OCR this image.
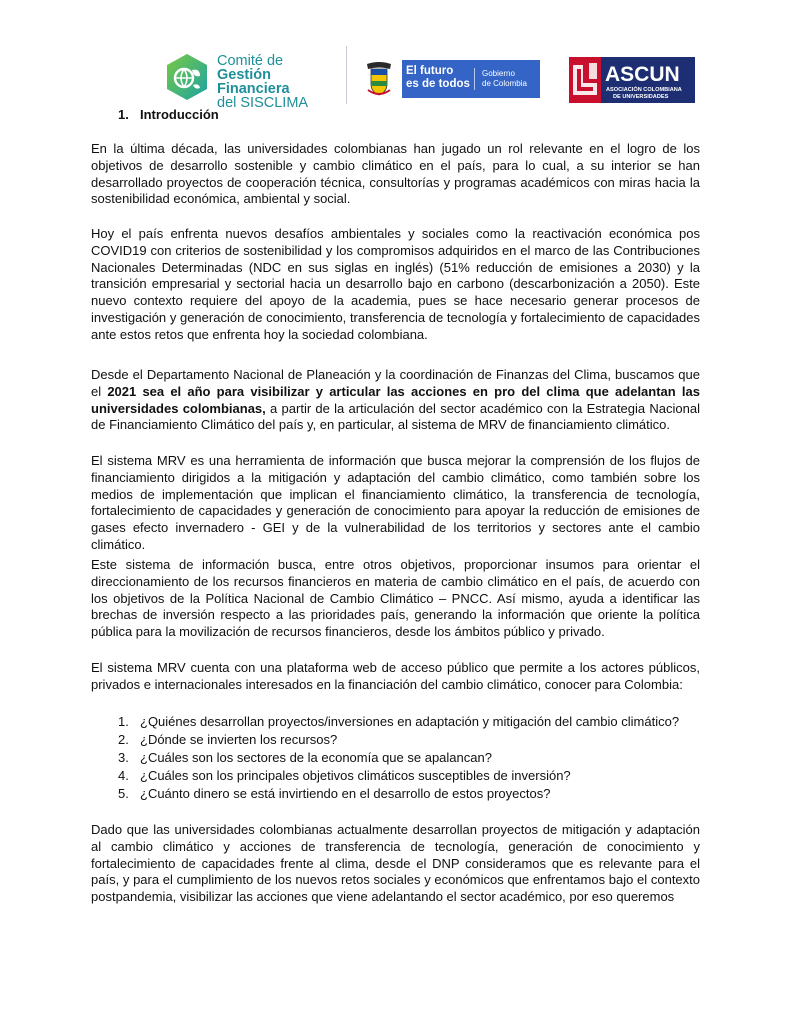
Comité de
Gestión Financiera
del SISCLIMA
El futuro
es de todos
Gobierno
de Colombia	ASCUN
ASOCIACIÓN COLOMBIANA
DE UNIVERSIDADES
1. Introducción

En la última década, las universidades colombianas han jugado un rol relevante en el logro de los objetivos de desarrollo sostenible y cambio climático en el país, para lo cual, a su interior se han desarrollado proyectos de cooperación técnica, consultorías y programas académicos con miras hacia la sostenibilidad económica, ambiental y social.

Hoy el país enfrenta nuevos desafíos ambientales y sociales como la reactivación económica pos COVID19 con criterios de sostenibilidad y los compromisos adquiridos en el marco de las Contribuciones Nacionales Determinadas (NDC en sus siglas en inglés) (51% reducción de emisiones a 2030) y la transición empresarial y sectorial hacia un desarrollo bajo en carbono (descarbonización a 2050). Este nuevo contexto requiere del apoyo de la academia, pues se hace necesario generar procesos de investigación y generación de conocimiento, transferencia de tecnología y fortalecimiento de capacidades ante estos retos que enfrenta hoy la sociedad colombiana.

Desde el Departamento Nacional de Planeación y la coordinación de Finanzas del Clima, buscamos que el 2021 sea el año para visibilizar y articular las acciones en pro del clima que adelantan las universidades colombianas, a partir de la articulación del sector académico con la Estrategia Nacional de Financiamiento Climático del país y, en particular, al sistema de MRV de financiamiento climático.

El sistema MRV es una herramienta de información que busca mejorar la comprensión de los flujos de financiamiento dirigidos a la mitigación y adaptación del cambio climático, como también sobre los medios de implementación que implican el financiamiento climático, la transferencia de tecnología, fortalecimiento de capacidades y generación de conocimiento para apoyar la reducción de emisiones de gases efecto invernadero - GEI y de la vulnerabilidad de los territorios y sectores ante el cambio climático.

Este sistema de información busca, entre otros objetivos, proporcionar insumos para orientar el direccionamiento de los recursos financieros en materia de cambio climático en el país, de acuerdo con los objetivos de la Política Nacional de Cambio Climático – PNCC. Así mismo, ayuda a identificar las brechas de inversión respecto a las prioridades país, generando la información que oriente la política pública para la movilización de recursos financieros, desde los ámbitos público y privado.

El sistema MRV cuenta con una plataforma web de acceso público que permite a los actores públicos, privados e internacionales interesados en la financiación del cambio climático, conocer para Colombia:

1. ¿Quiénes desarrollan proyectos/inversiones en adaptación y mitigación del cambio climático?
2. ¿Dónde se invierten los recursos?
3. ¿Cuáles son los sectores de la economía que se apalancan?
4. ¿Cuáles son los principales objetivos climáticos susceptibles de inversión?
5. ¿Cuánto dinero se está invirtiendo en el desarrollo de estos proyectos?

Dado que las universidades colombianas actualmente desarrollan proyectos de mitigación y adaptación al cambio climático y acciones de transferencia de tecnología, generación de conocimiento y fortalecimiento de capacidades frente al clima, desde el DNP consideramos que es relevante para el país, y para el cumplimiento de los nuevos retos sociales y económicos que enfrentamos bajo el contexto postpandemia, visibilizar las acciones que viene adelantando el sector académico, por eso queremos
